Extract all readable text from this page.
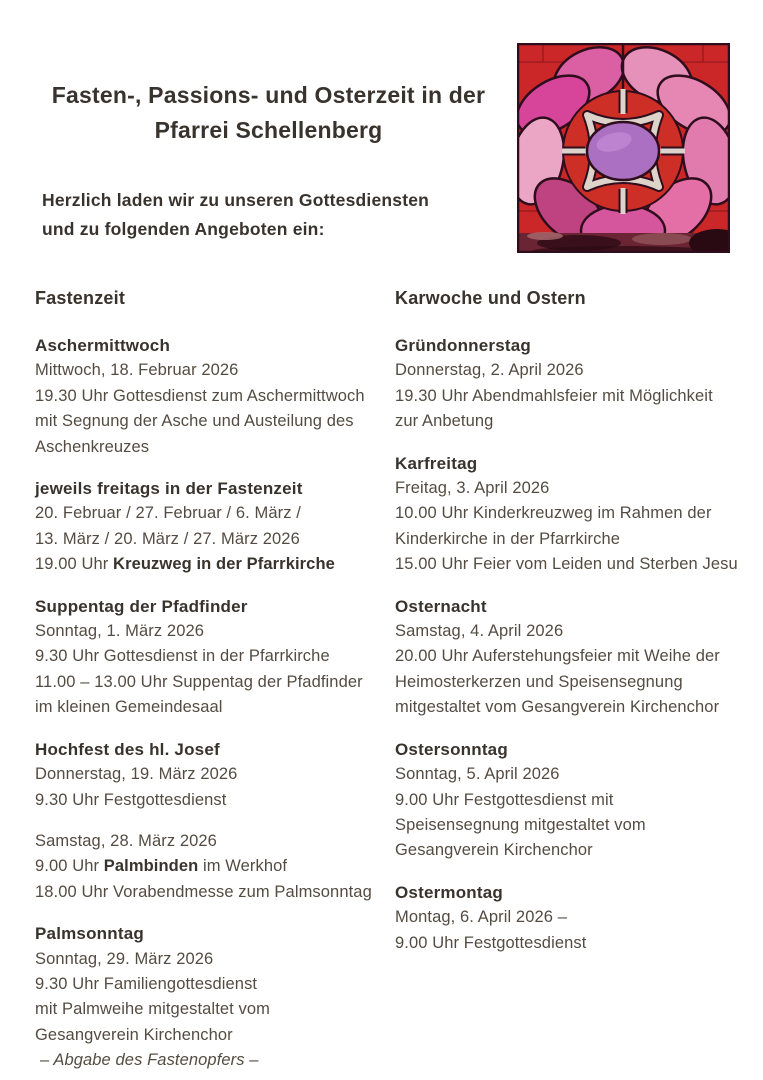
Fasten-, Passions- und Osterzeit in der
Pfarrei Schellenberg
Herzlich laden wir zu unseren Gottesdiensten
und zu folgenden Angeboten ein:
Fastenzeit
Aschermittwoch
Mittwoch, 18. Februar 2026
19.30 Uhr Gottesdienst zum Aschermittwoch
mit Segnung der Asche und Austeilung des
Aschenkreuzes
jeweils freitags in der Fastenzeit
20. Februar / 27. Februar / 6. März /
13. März / 20. März / 27. März 2026
19.00 Uhr Kreuzweg in der Pfarrkirche
Suppentag der Pfadfinder
Sonntag, 1. März 2026
9.30 Uhr Gottesdienst in der Pfarrkirche
11.00 – 13.00 Uhr Suppentag der Pfadfinder
im kleinen Gemeindesaal
Hochfest des hl. Josef
Donnerstag, 19. März 2026
9.30 Uhr Festgottesdienst
Samstag, 28. März 2026
9.00 Uhr Palmbinden im Werkhof
18.00 Uhr Vorabendmesse zum Palmsonntag
Palmsonntag
Sonntag, 29. März 2026
9.30 Uhr Familiengottesdienst
mit Palmweihe mitgestaltet vom
Gesangverein Kirchenchor
– Abgabe des Fastenopfers –
Karwoche und Ostern
Gründonnerstag
Donnerstag, 2. April 2026
19.30 Uhr Abendmahlsfeier mit Möglichkeit
zur Anbetung
Karfreitag
Freitag, 3. April 2026
10.00 Uhr Kinderkreuzweg im Rahmen der
Kinderkirche in der Pfarrkirche
15.00 Uhr Feier vom Leiden und Sterben Jesu
Osternacht
Samstag, 4. April 2026
20.00 Uhr Auferstehungsfeier mit Weihe der
Heimosterkerzen und Speisensegnung
mitgestaltet vom Gesangverein Kirchenchor
Ostersonntag
Sonntag, 5. April 2026
9.00 Uhr Festgottesdienst mit
Speisensegnung mitgestaltet vom
Gesangverein Kirchenchor
Ostermontag
Montag, 6. April 2026 –
9.00 Uhr Festgottesdienst
